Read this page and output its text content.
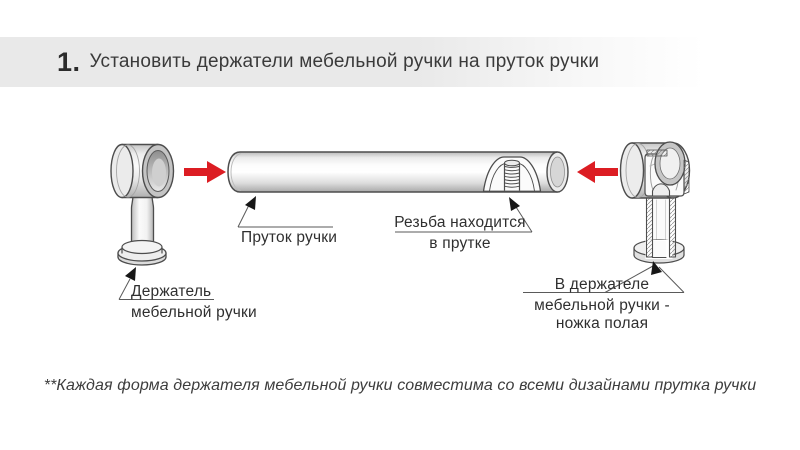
1. Установить держатели мебельной ручки на пруток ручки
Пруток ручки
Резьба находится
в прутке
Держатель
мебельной ручки
В держателе
мебельной ручки -
ножка полая
**Каждая форма держателя мебельной ручки совместима со всеми дизайнами прутка ручки
